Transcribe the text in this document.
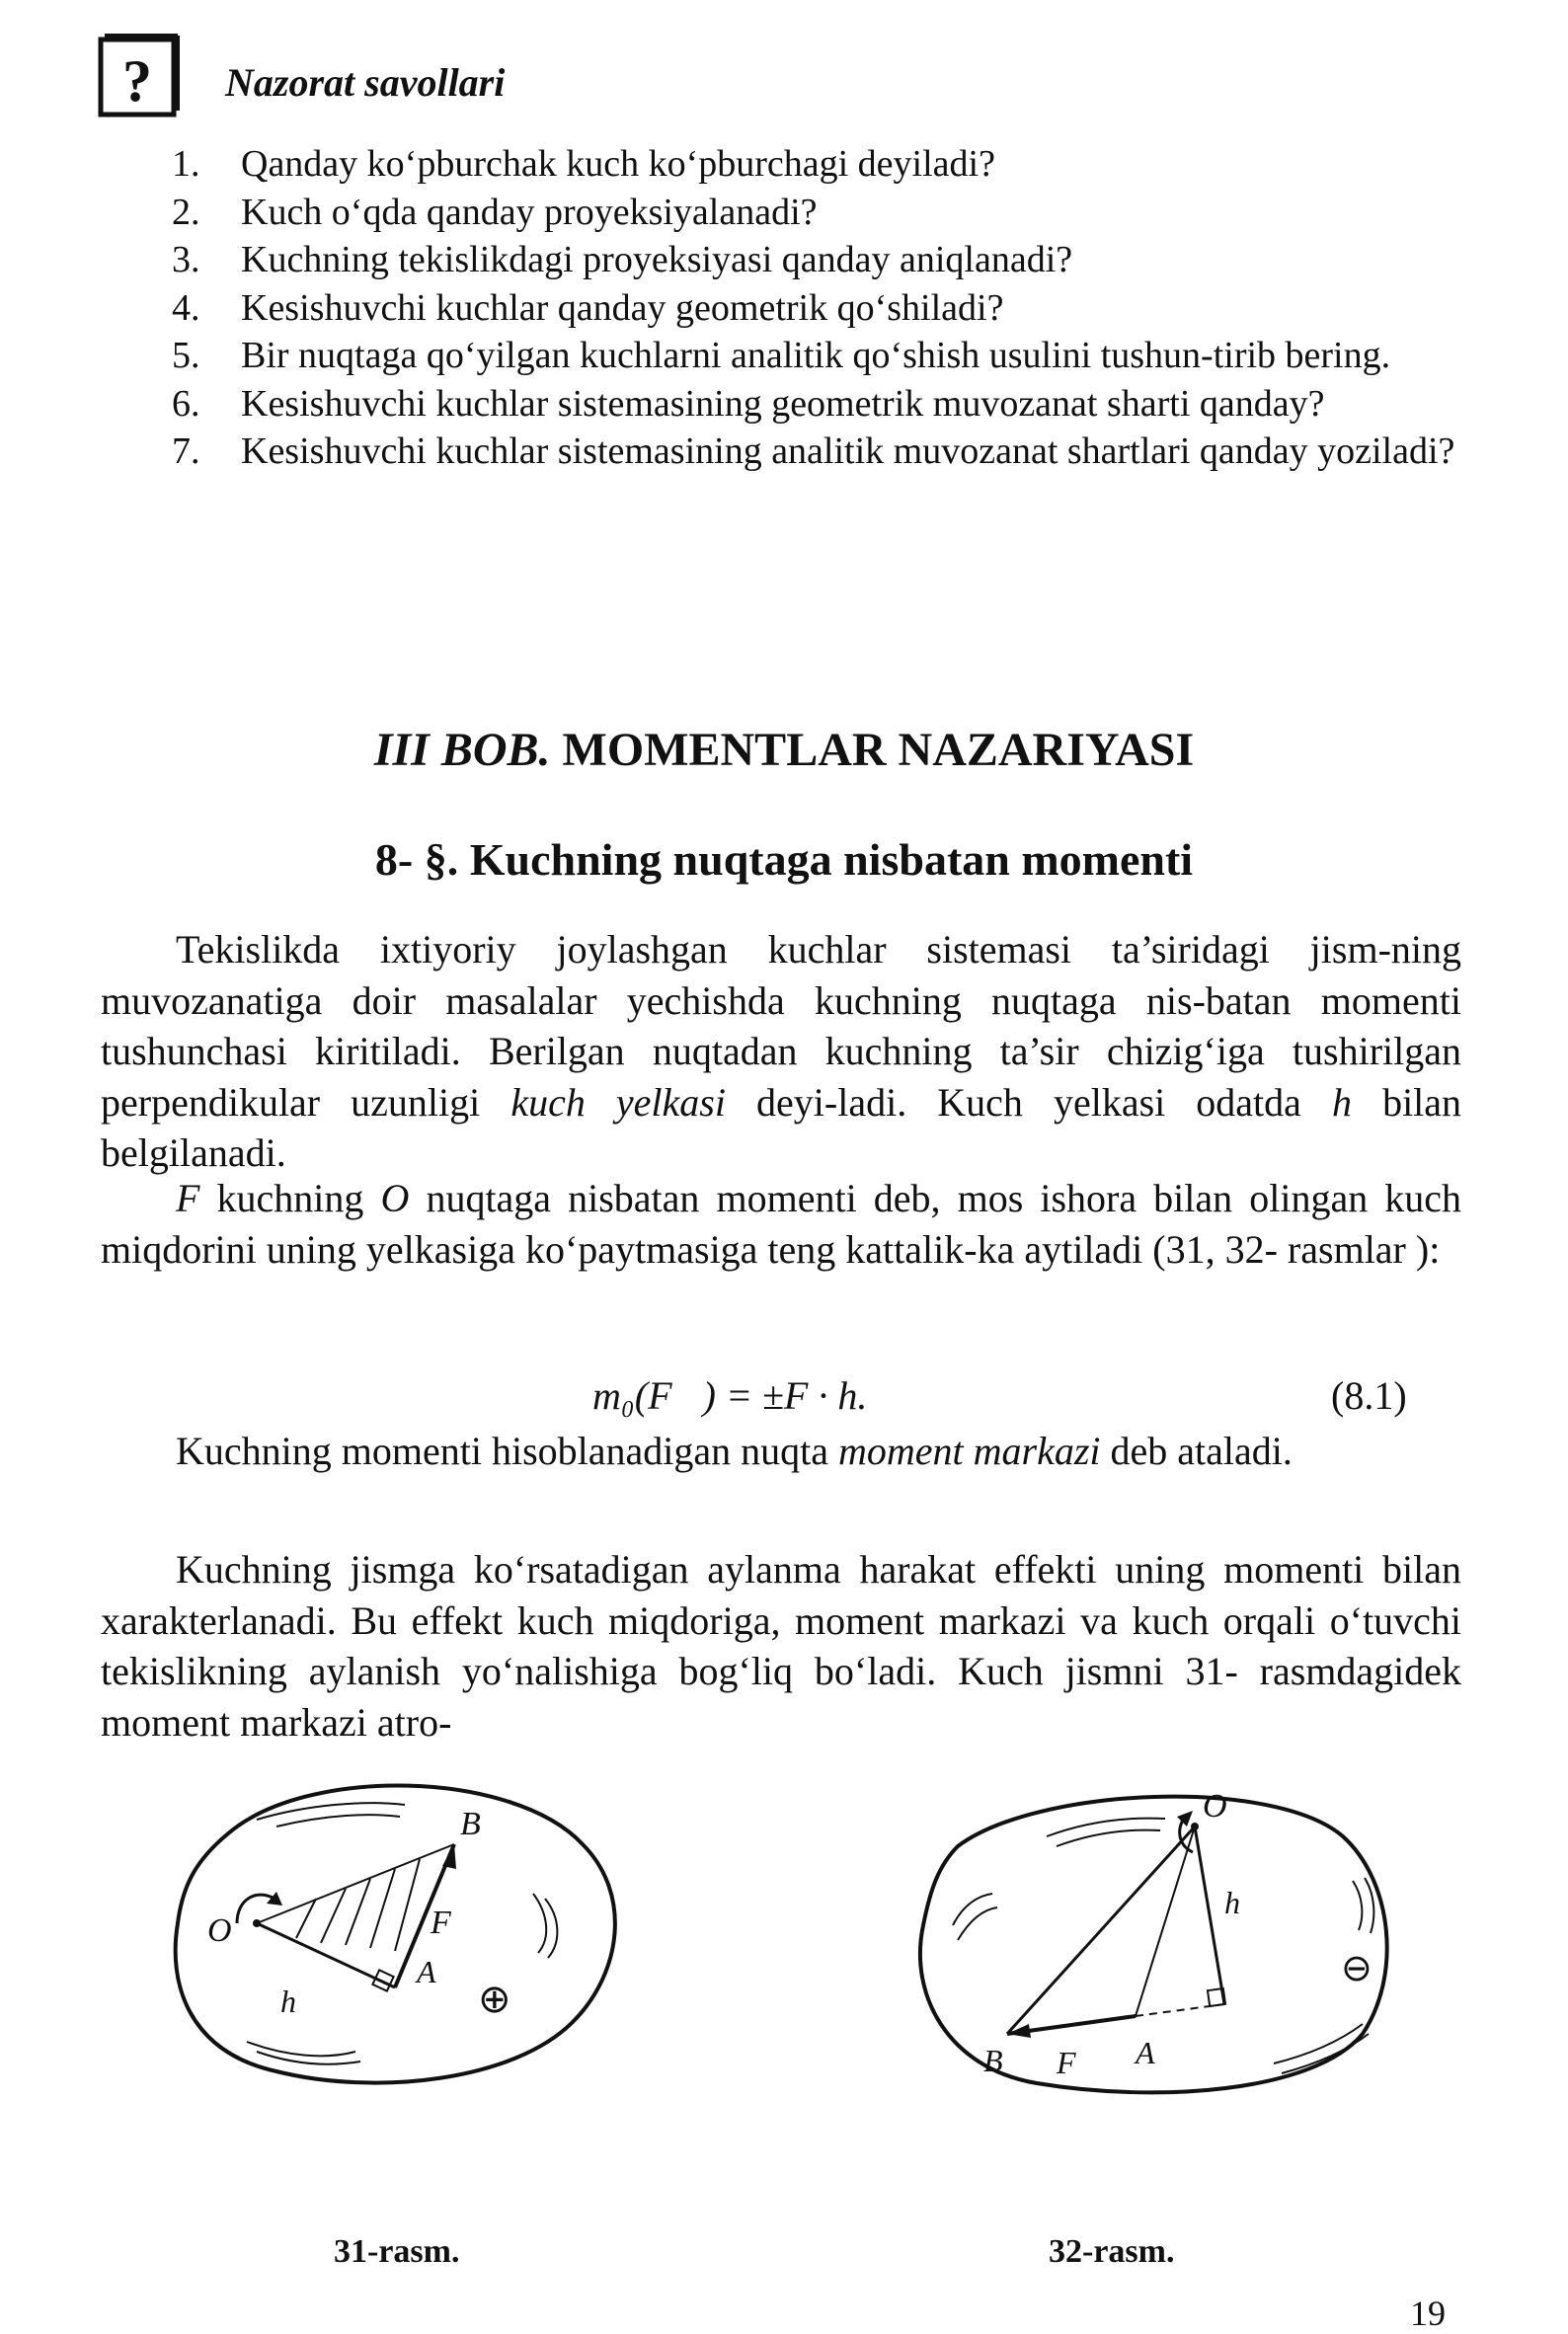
? Nazorat savollari
1.	Qanday ko‘pburchak kuch ko‘pburchagi deyiladi?
2.	Kuch o‘qda qanday proyeksiyalanadi?
3.	Kuchning tekislikdagi proyeksiyasi qanday aniqlanadi?
4.	Kesishuvchi kuchlar qanday geometrik qo‘shiladi?
5.	Bir nuqtaga qo‘yilgan kuchlarni analitik qo‘shish usulini tushun-tirib bering.
6.	Kesishuvchi kuchlar sistemasining geometrik muvozanat sharti qanday?
7.	Kesishuvchi kuchlar sistemasining analitik muvozanat shartlari qanday yoziladi?
III BOB. MOMENTLAR NAZARIYASI
8- §. Kuchning nuqtaga nisbatan momenti
Tekislikda ixtiyoriy joylashgan kuchlar sistemasi ta’siridagi jism-ning muvozanatiga doir masalalar yechishda kuchning nuqtaga nis-batan momenti tushunchasi kiritiladi. Berilgan nuqtadan kuchning ta’sir chizig‘iga tushirilgan perpendikular uzunligi kuch yelkasi deyi-ladi. Kuch yelkasi odatda h bilan belgilanadi.
F kuchning O nuqtaga nisbatan momenti deb, mos ishora bilan olingan kuch miqdorini uning yelkasiga ko‘paytmasiga teng kattalik-ka aytiladi (31, 32- rasmlar ):
m₀(F⃗) = ±F · h.	(8.1)
Kuchning momenti hisoblanadigan nuqta moment markazi deb ataladi.
Kuchning jismga ko‘rsatadigan aylanma harakat effekti uning momenti bilan xarakterlanadi. Bu effekt kuch miqdoriga, moment markazi va kuch orqali o‘tuvchi tekislikning aylanish yo‘nalishiga bog‘liq bo‘ladi. Kuch jismni 31- rasmdagidek moment markazi atro-
B
F
O
A
h	⊕
31-rasm.
O
h
B F A
⊖
32-rasm.
19
